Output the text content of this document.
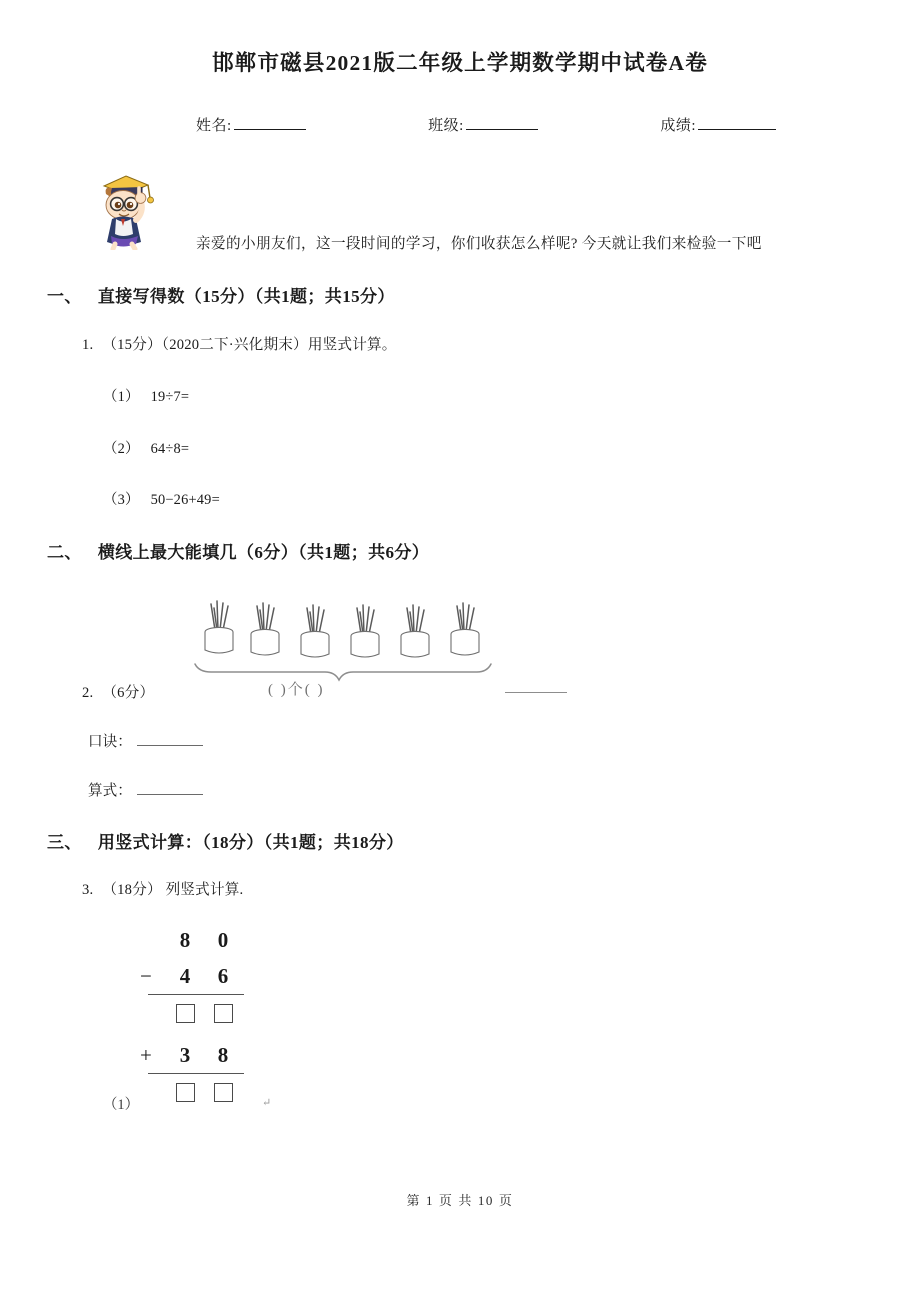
邯郸市磁县2021版二年级上学期数学期中试卷A卷
姓名:	班级:	成绩:
亲爱的小朋友们，这一段时间的学习，你们收获怎么样呢? 今天就让我们来检验一下吧
一、 直接写得数（15分）（共1题；共15分）
1. （15分）（2020二下·兴化期末）用竖式计算。
（1） 19÷7=
（2） 64÷8=
（3） 50−26+49=
二、 横线上最大能填几（6分）（共1题；共6分）
( )个( )
2. （6分）
口诀：
算式：
三、 用竖式计算：（18分）（共1题；共18分）
3. （18分） 列竖式计算.
8	0
−	4	6
+	3	8
（1）	↵
第 1 页 共 10 页
